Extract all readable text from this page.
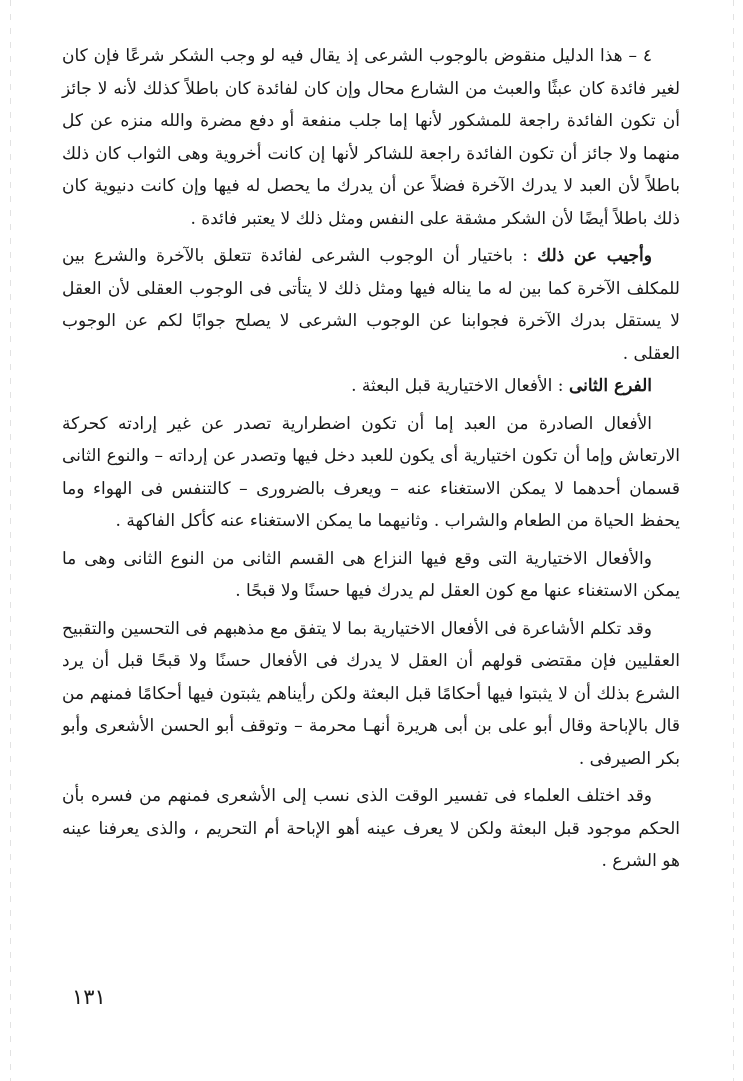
٤ – هذا الدليل منقوض بالوجوب الشرعى إذ يقال فيه لو وجب الشكر شرعًا فإن كان لغير فائدة كان عبثًا والعبث من الشارع محال وإن كان لفائدة كان باطلاً كذلك لأنه لا جائز أن تكون الفائدة راجعة للمشكور لأنها إما جلب منفعة أو دفع مضرة والله منزه عن كل منهما ولا جائز أن تكون الفائدة راجعة للشاكر لأنها إن كانت أخروية وهى الثواب كان ذلك باطلاً لأن العبد لا يدرك الآخرة فضلاً عن أن يدرك ما يحصل له فيها وإن كانت دنيوية كان ذلك باطلاً أيضًا لأن الشكر مشقة على النفس ومثل ذلك لا يعتبر فائدة .

وأجيب عن ذلك : باختيار أن الوجوب الشرعى لفائدة تتعلق بالآخرة والشرع بين للمكلف الآخرة كما بين له ما يناله فيها ومثل ذلك لا يتأتى فى الوجوب العقلى لأن العقل لا يستقل بدرك الآخرة فجوابنا عن الوجوب الشرعى لا يصلح جوابًا لكم عن الوجوب العقلى .

الفرع الثانى : الأفعال الاختيارية قبل البعثة .

الأفعال الصادرة من العبد إما أن تكون اضطرارية تصدر عن غير إرادته كحركة الارتعاش وإما أن تكون اختيارية أى يكون للعبد دخل فيها وتصدر عن إرداته – والنوع الثانى قسمان أحدهما لا يمكن الاستغناء عنه – ويعرف بالضرورى – كالتنفس فى الهواء وما يحفظ الحياة من الطعام والشراب . وثانيهما ما يمكن الاستغناء عنه كأكل الفاكهة .

والأفعال الاختيارية التى وقع فيها النزاع هى القسم الثانى من النوع الثانى وهى ما يمكن الاستغناء عنها مع كون العقل لم يدرك فيها حسنًا ولا قبحًا .

وقد تكلم الأشاعرة فى الأفعال الاختيارية بما لا يتفق مع مذهبهم فى التحسين والتقبيح العقليين فإن مقتضى قولهم أن العقل لا يدرك فى الأفعال حسنًا ولا قبحًا قبل أن يرد الشرع بذلك أن لا يثبتوا فيها أحكامًا قبل البعثة ولكن رأيناهم يثبتون فيها أحكامًا فمنهم من قال بالإباحة وقال أبو على بن أبى هريرة أنهـا محرمة – وتوقف أبو الحسن الأشعرى وأبو بكر الصيرفى .

وقد اختلف العلماء فى تفسير الوقت الذى نسب إلى الأشعرى فمنهم من فسره بأن الحكم موجود قبل البعثة ولكن لا يعرف عينه أهو الإباحة أم التحريم ، والذى يعرفنا عينه هو الشرع .

١٣١
